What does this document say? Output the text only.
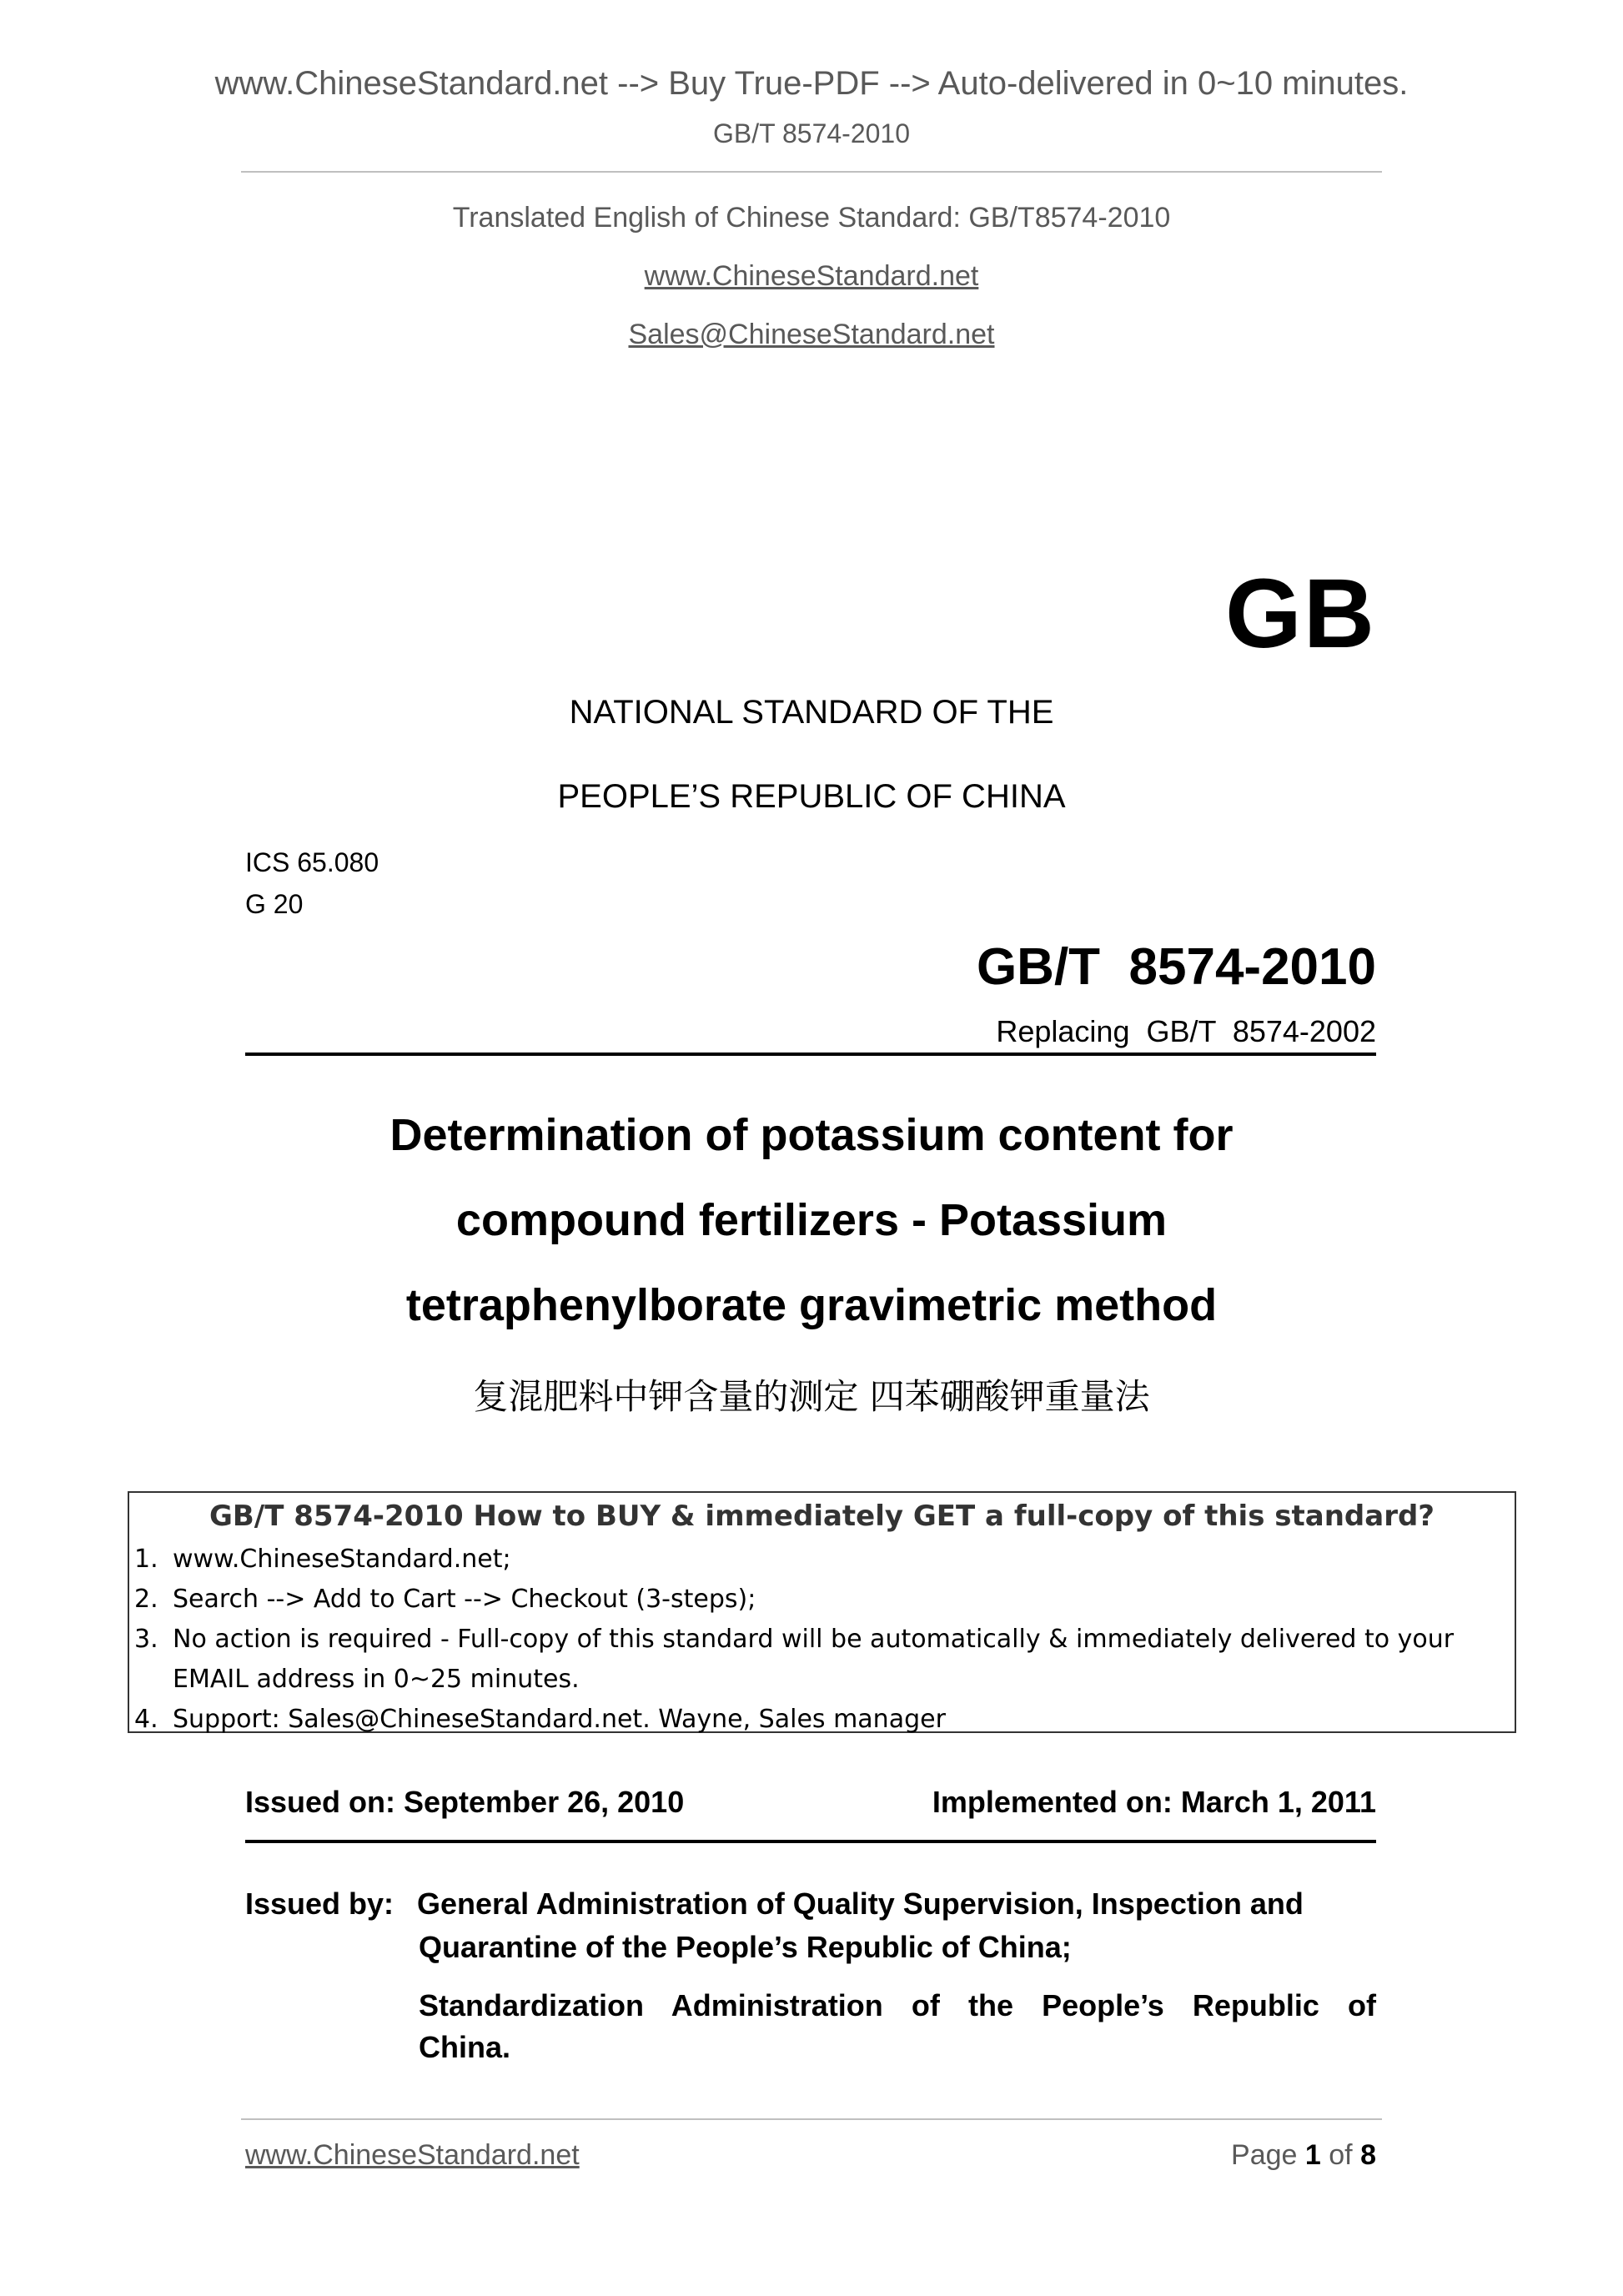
www.ChineseStandard.net --> Buy True-PDF --> Auto-delivered in 0~10 minutes.
GB/T 8574-2010
Translated English of Chinese Standard: GB/T8574-2010
www.ChineseStandard.net
Sales@ChineseStandard.net
GB
NATIONAL STANDARD OF THE
PEOPLE’S REPUBLIC OF CHINA
ICS 65.080
G 20
GB/T  8574-2010
Replacing  GB/T  8574-2002
Determination of potassium content for
compound fertilizers - Potassium
tetraphenylborate gravimetric method
复混肥料中钾含量的测定 四苯硼酸钾重量法
GB/T 8574-2010 How to BUY & immediately GET a full-copy of this standard?
1. www.ChineseStandard.net;
2. Search --> Add to Cart --> Checkout (3-steps);
3. No action is required - Full-copy of this standard will be automatically & immediately delivered to your EMAIL address in 0~25 minutes.
4. Support: Sales@ChineseStandard.net. Wayne, Sales manager
Issued on: September 26, 2010	Implemented on: March 1, 2011
Issued by: General Administration of Quality Supervision, Inspection and
Quarantine of the People’s Republic of China;
Standardization Administration of the People’s Republic of
China.
www.ChineseStandard.net	Page 1 of 8
